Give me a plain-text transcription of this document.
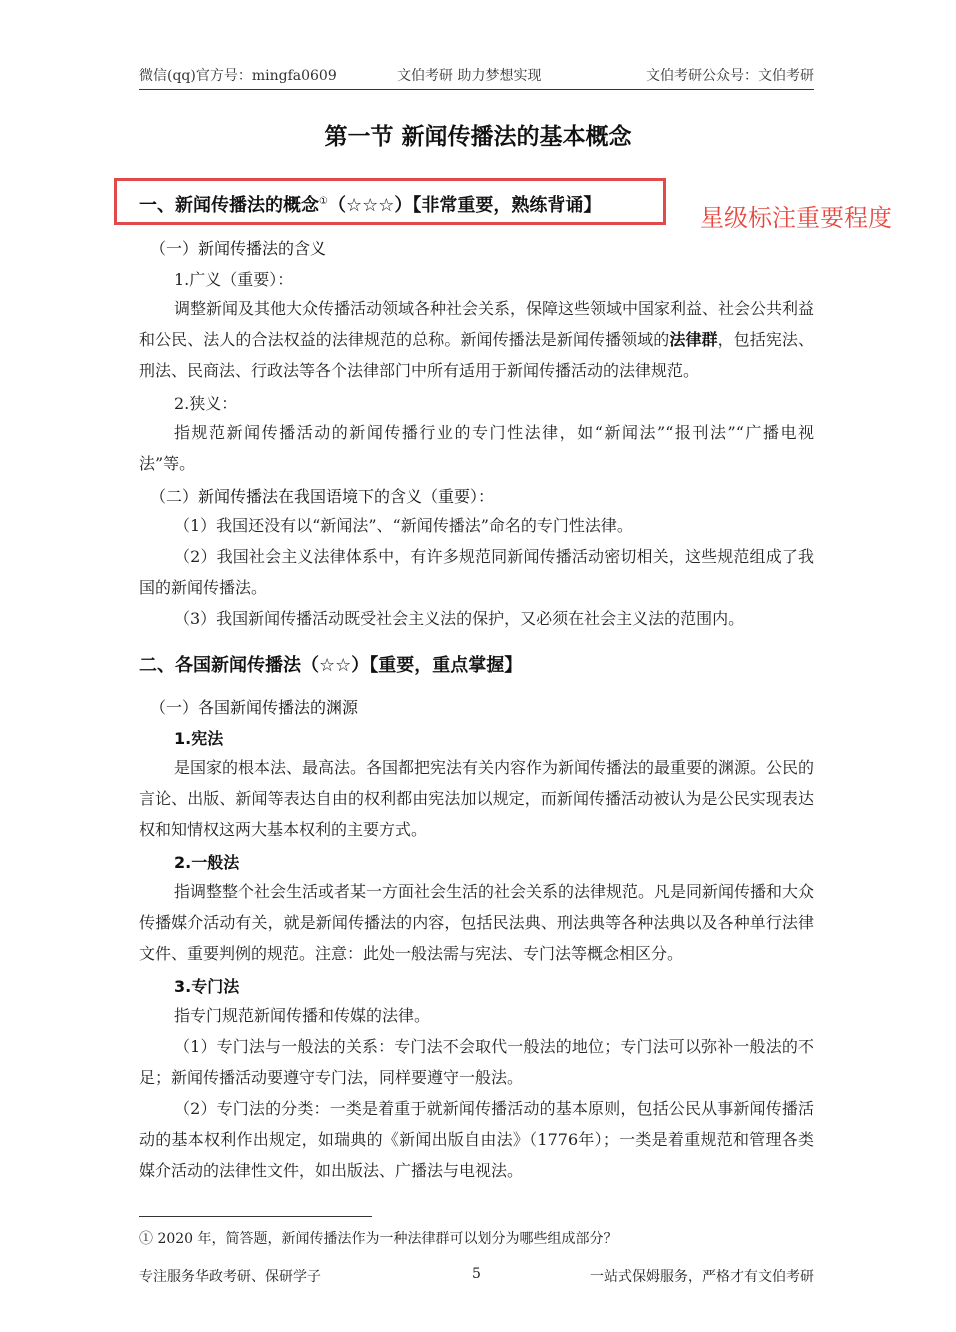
微信(qq)官方号：mingfa0609	文伯考研 助力梦想实现	文伯考研公众号：文伯考研
第一节 新闻传播法的基本概念
星级标注重要程度
一、新闻传播法的概念①（☆☆☆）【非常重要，熟练背诵】
（一）新闻传播法的含义
1.广义（重要）：

调整新闻及其他大众传播活动领域各种社会关系，保障这些领域中国家利益、社会公共利益和公民、法人的合法权益的法律规范的总称。新闻传播法是新闻传播领域的法律群，包括宪法、刑法、民商法、行政法等各个法律部门中所有适用于新闻传播活动的法律规范。

2.狭义：

指规范新闻传播活动的新闻传播行业的专门性法律，如“新闻法”“报刊法”“广播电视法”等。

（二）新闻传播法在我国语境下的含义（重要）：

（1）我国还没有以“新闻法”、“新闻传播法”命名的专门性法律。

（2）我国社会主义法律体系中，有许多规范同新闻传播活动密切相关，这些规范组成了我国的新闻传播法。

（3）我国新闻传播活动既受社会主义法的保护，又必须在社会主义法的范围内。

二、各国新闻传播法（☆☆）【重要，重点掌握】
（一）各国新闻传播法的渊源
1.宪法

是国家的根本法、最高法。各国都把宪法有关内容作为新闻传播法的最重要的渊源。公民的言论、出版、新闻等表达自由的权利都由宪法加以规定，而新闻传播活动被认为是公民实现表达权和知情权这两大基本权利的主要方式。

2.一般法

指调整整个社会生活或者某一方面社会生活的社会关系的法律规范。凡是同新闻传播和大众传播媒介活动有关，就是新闻传播法的内容，包括民法典、刑法典等各种法典以及各种单行法律文件、重要判例的规范。注意：此处一般法需与宪法、专门法等概念相区分。

3.专门法

指专门规范新闻传播和传媒的法律。

（1）专门法与一般法的关系：专门法不会取代一般法的地位；专门法可以弥补一般法的不足；新闻传播活动要遵守专门法，同样要遵守一般法。

（2）专门法的分类：一类是着重于就新闻传播活动的基本原则，包括公民从事新闻传播活动的基本权利作出规定，如瑞典的《新闻出版自由法》（1776年）；一类是着重规范和管理各类媒介活动的法律性文件，如出版法、广播法与电视法。

① 2020 年，简答题，新闻传播法作为一种法律群可以划分为哪些组成部分？
专注服务华政考研、保研学子	5	一站式保姆服务，严格才有文伯考研
